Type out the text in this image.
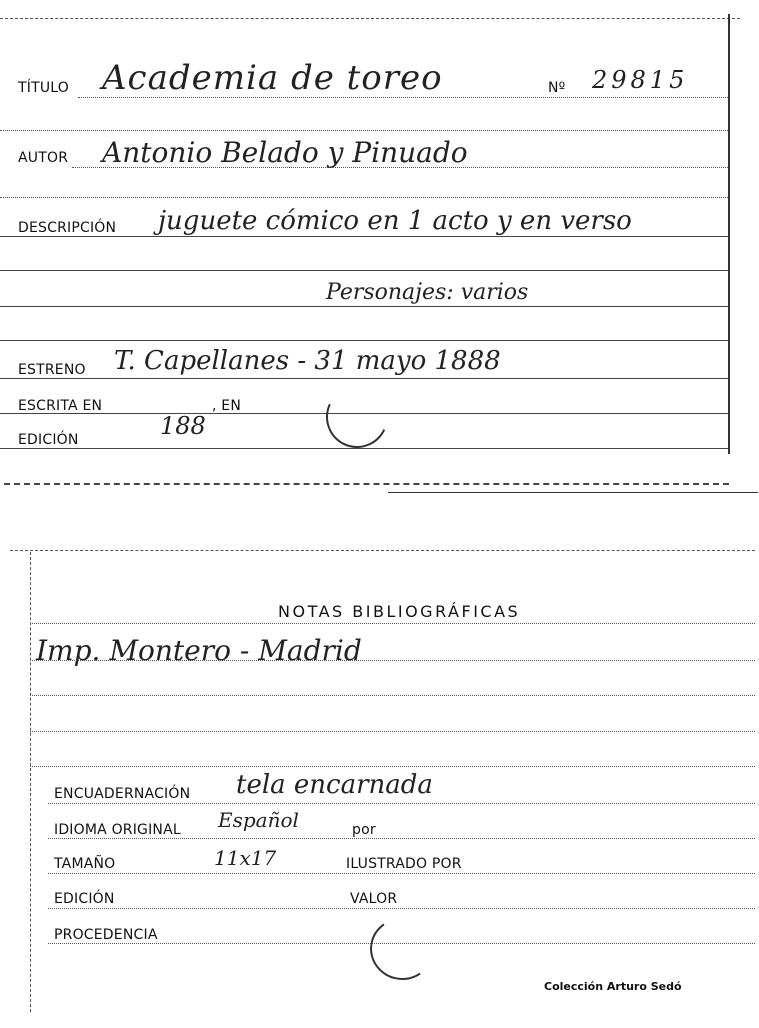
TÍTULO Academia de toreo	Nº 29815
AUTOR Antonio Belado y Pinuado
DESCRIPCIÓN juguete cómico en 1 acto y en verso
Personajes: varios
ESTRENO T. Capellanes - 31 mayo 1888
ESCRITA EN	, EN
EDICIÓN	188
NOTAS BIBLIOGRÁFICAS
Imp. Montero - Madrid
ENCUADERNACIÓN tela encarnada
IDIOMA ORIGINAL Español	por
TAMAÑO	11x17	ILUSTRADO POR
EDICIÓN	VALOR
PROCEDENCIA
Colección Arturo Sedó
